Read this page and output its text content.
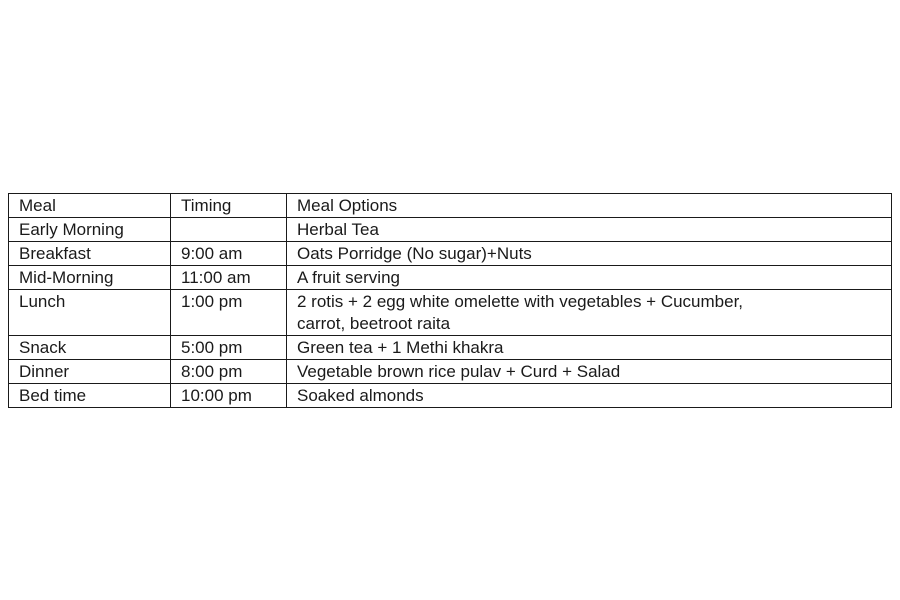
Meal	Timing	Meal Options
Early Morning		Herbal Tea
Breakfast	9:00 am	Oats Porridge (No sugar)+Nuts
Mid-Morning	11:00 am	A fruit serving
Lunch	1:00 pm	2 rotis + 2 egg white omelette with vegetables + Cucumber,
carrot, beetroot raita

Snack	5:00 pm	Green tea + 1 Methi khakra
Dinner	8:00 pm	Vegetable brown rice pulav + Curd + Salad
Bed time	10:00 pm	Soaked almonds
